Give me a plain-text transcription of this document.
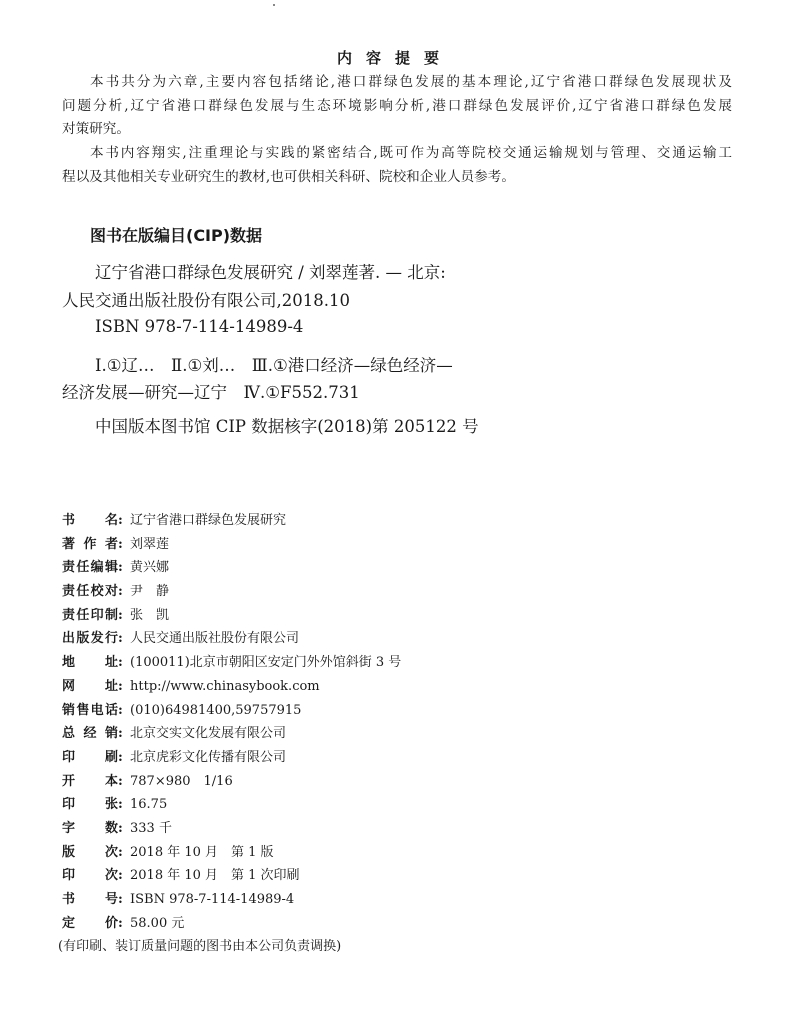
内容提要
本书共分为六章,主要内容包括绪论,港口群绿色发展的基本理论,辽宁省港口群绿色发展现状及
问题分析,辽宁省港口群绿色发展与生态环境影响分析,港口群绿色发展评价,辽宁省港口群绿色发展
对策研究。
本书内容翔实,注重理论与实践的紧密结合,既可作为高等院校交通运输规划与管理、交通运输工
程以及其他相关专业研究生的教材,也可供相关科研、院校和企业人员参考。
图书在版编目(CIP)数据
辽宁省港口群绿色发展研究 / 刘翠莲著. — 北京:
人民交通出版社股份有限公司,2018.10
ISBN 978-7-114-14989-4
Ⅰ.①辽…　Ⅱ.①刘…　Ⅲ.①港口经济—绿色经济—
经济发展—研究—辽宁　Ⅳ.①F552.731
中国版本图书馆 CIP 数据核字(2018)第 205122 号
书名 : 辽宁省港口群绿色发展研究
著作者 : 刘翠莲
责任编辑 : 黄兴娜
责任校对 : 尹　静
责任印制 : 张　凯
出版发行 : 人民交通出版社股份有限公司
地址 : (100011)北京市朝阳区安定门外外馆斜街 3 号
网址 : http://www.chinasybook.com
销售电话 : (010)64981400,59757915
总经销 : 北京交实文化发展有限公司
印刷 : 北京虎彩文化传播有限公司
开本 : 787×980　1/16
印张 : 16.75
字数 : 333 千
版次 : 2018 年 10 月　第 1 版
印次 : 2018 年 10 月　第 1 次印刷
书号 : ISBN 978-7-114-14989-4
定价 : 58.00 元
(有印刷、装订质量问题的图书由本公司负责调换)
